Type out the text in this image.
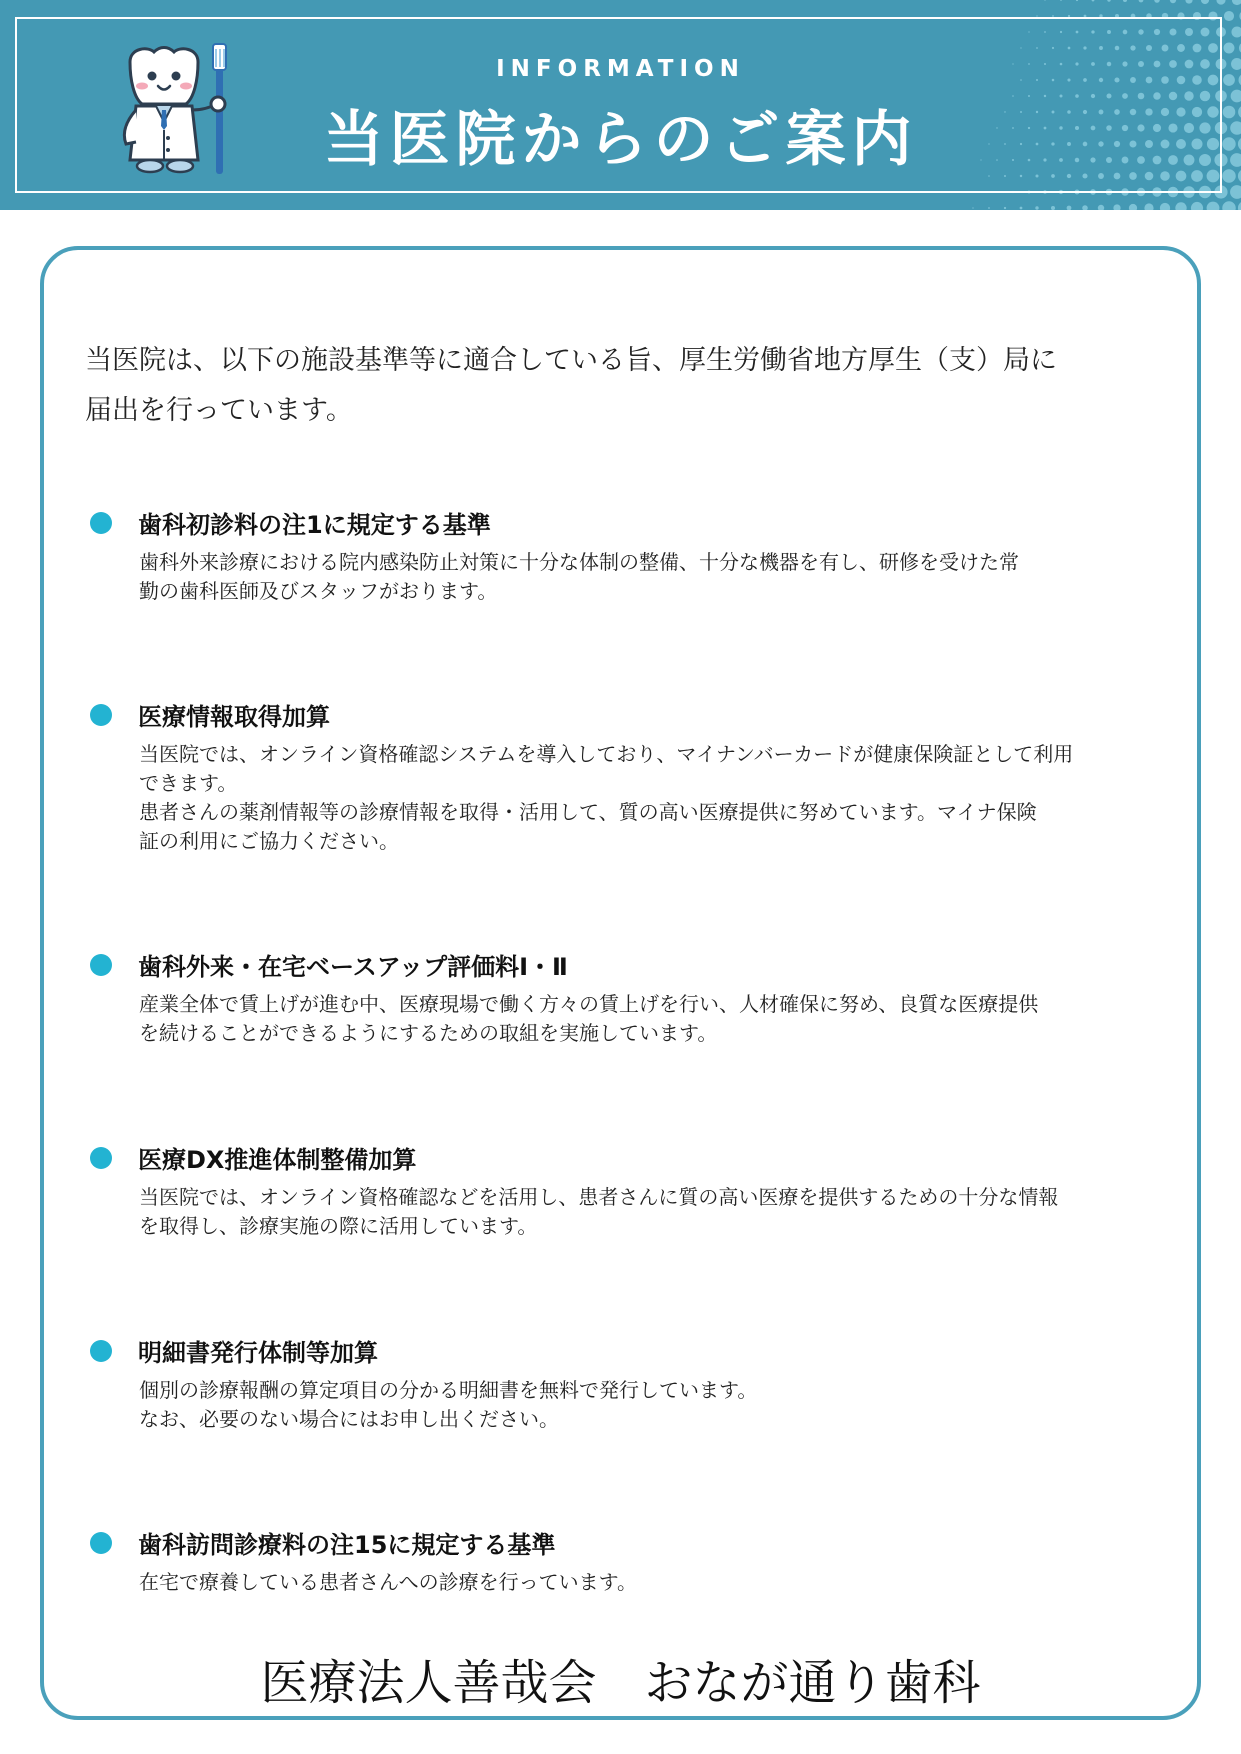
INFORMATION
当医院からのご案内
当医院は、以下の施設基準等に適合している旨、厚生労働省地方厚生（支）局に
届出を行っています。
歯科初診料の注1に規定する基準

歯科外来診療における院内感染防止対策に十分な体制の整備、十分な機器を有し、研修を受けた常

勤の歯科医師及びスタッフがおります。

医療情報取得加算

当医院では、オンライン資格確認システムを導入しており、マイナンバーカードが健康保険証として利用

できます。

患者さんの薬剤情報等の診療情報を取得・活用して、質の高い医療提供に努めています。マイナ保険

証の利用にご協力ください。

歯科外来・在宅ベースアップ評価料Ⅰ・Ⅱ

産業全体で賃上げが進む中、医療現場で働く方々の賃上げを行い、人材確保に努め、良質な医療提供

を続けることができるようにするための取組を実施しています。

医療DX推進体制整備加算

当医院では、オンライン資格確認などを活用し、患者さんに質の高い医療を提供するための十分な情報

を取得し、診療実施の際に活用しています。

明細書発行体制等加算

個別の診療報酬の算定項目の分かる明細書を無料で発行しています。

なお、必要のない場合にはお申し出ください。

歯科訪問診療料の注15に規定する基準

在宅で療養している患者さんへの診療を行っています。

医療法人善哉会 おなが通り歯科
